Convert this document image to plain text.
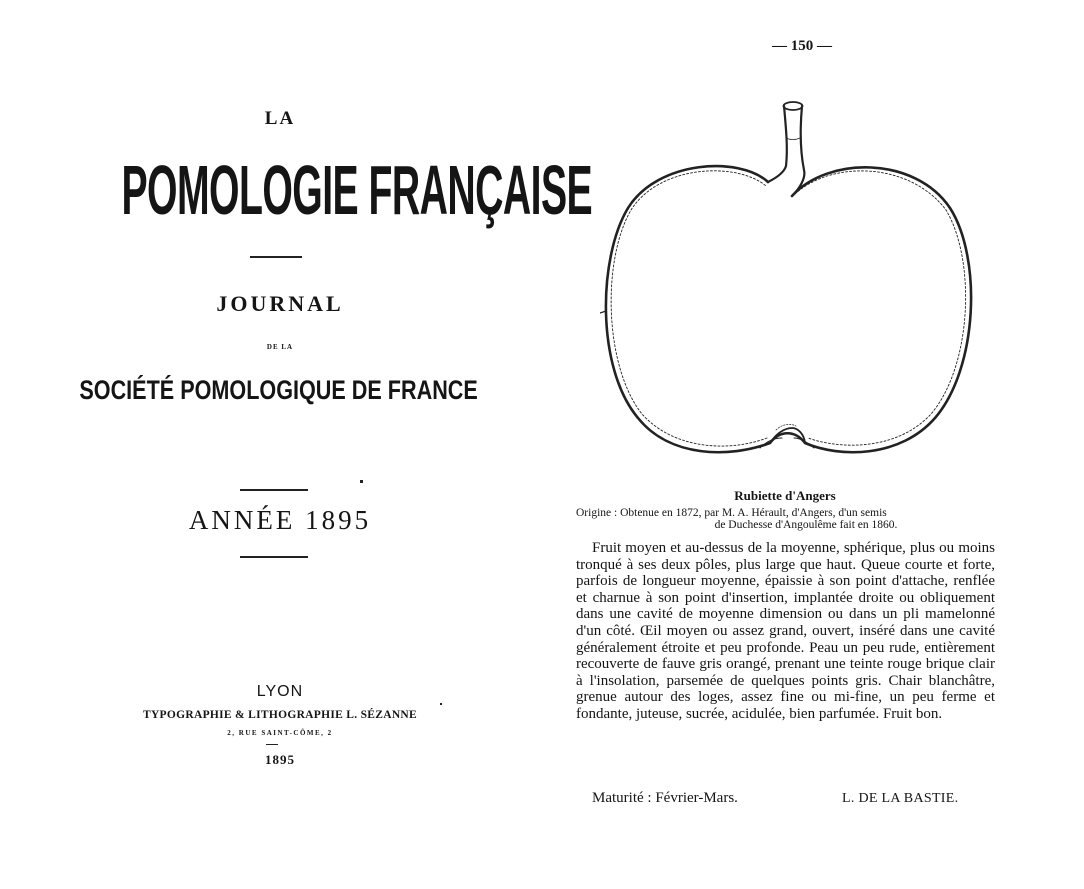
LA
POMOLOGIE FRANÇAISE
JOURNAL
DE LA
SOCIÉTÉ POMOLOGIQUE DE FRANCE
ANNÉE 1895
LYON
TYPOGRAPHIE & LITHOGRAPHIE L. SÉZANNE
2, RUE SAINT-CÔME, 2
1895
— 150 —
Rubiette d'Angers
Origine : Obtenue en 1872, par M. A. Hérault, d'Angers, d'un semis
de Duchesse d'Angoulême fait en 1860.

Fruit moyen et au-dessus de la moyenne, sphérique, plus ou moins tronqué à ses deux pôles, plus large que haut. Queue courte et forte, parfois de longueur moyenne, épaissie à son point d'attache, renflée et charnue à son point d'insertion, implantée droite ou obliquement dans une cavité de moyenne dimension ou dans un pli mamelonné d'un côté. Œil moyen ou assez grand, ouvert, inséré dans une cavité généralement étroite et peu profonde. Peau un peu rude, entièrement recouverte de fauve gris orangé, prenant une teinte rouge brique clair à l'insolation, parsemée de quelques points gris. Chair blanchâtre, grenue autour des loges, assez fine ou mi-fine, un peu ferme et fondante, juteuse, sucrée, acidulée, bien parfumée. Fruit bon.

Maturité : Février-Mars.	L. DE LA BASTIE.
